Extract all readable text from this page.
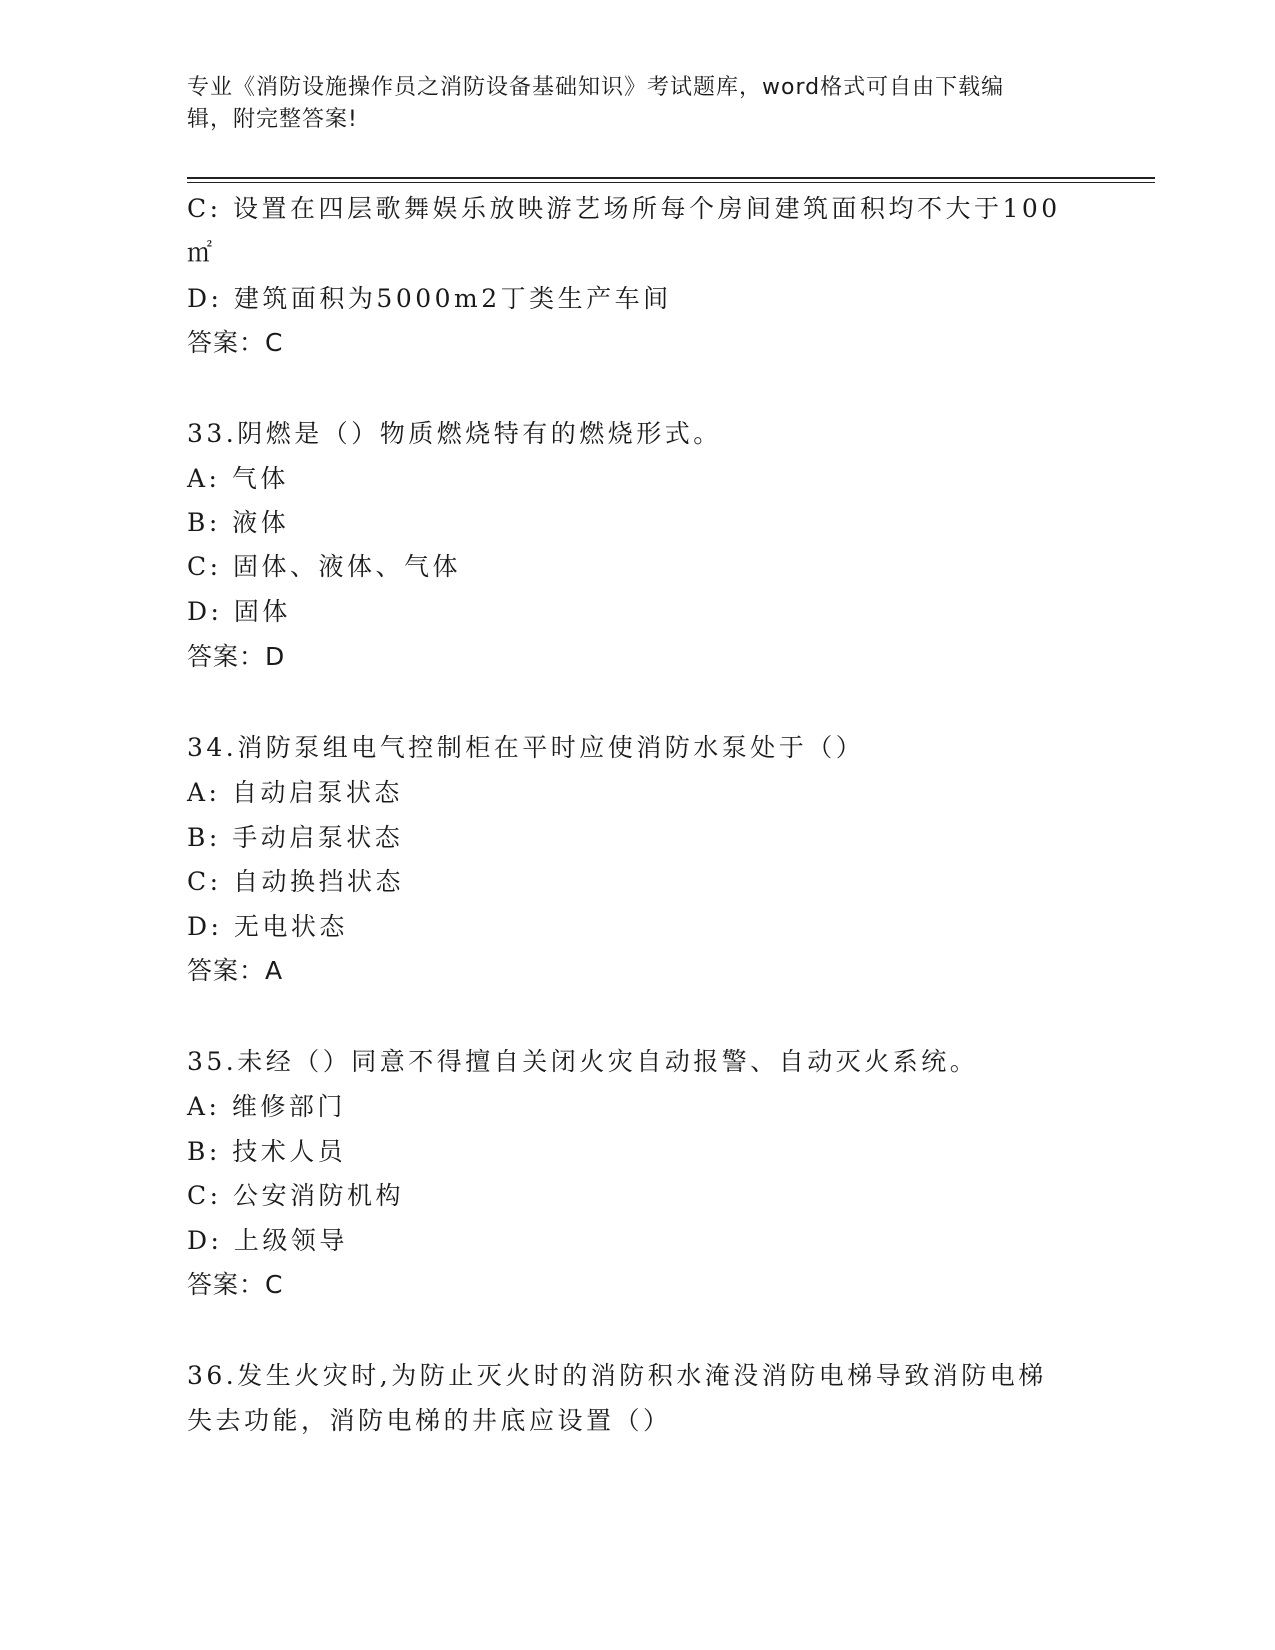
专业《消防设施操作员之消防设备基础知识》考试题库，word格式可自由下载编
辑，附完整答案!
C: 设置在四层歌舞娱乐放映游艺场所每个房间建筑面积均不大于100
㎡
D: 建筑面积为5000m2丁类生产车间
答案：C
33.阴燃是（）物质燃烧特有的燃烧形式。
A: 气体
B: 液体
C: 固体、液体、气体
D: 固体
答案：D
34.消防泵组电气控制柜在平时应使消防水泵处于（）
A: 自动启泵状态
B: 手动启泵状态
C: 自动换挡状态
D: 无电状态
答案：A
35.未经（）同意不得擅自关闭火灾自动报警、自动灭火系统。
A: 维修部门
B: 技术人员
C: 公安消防机构
D: 上级领导
答案：C
36.发生火灾时,为防止灭火时的消防积水淹没消防电梯导致消防电梯
失去功能，消防电梯的井底应设置（）
